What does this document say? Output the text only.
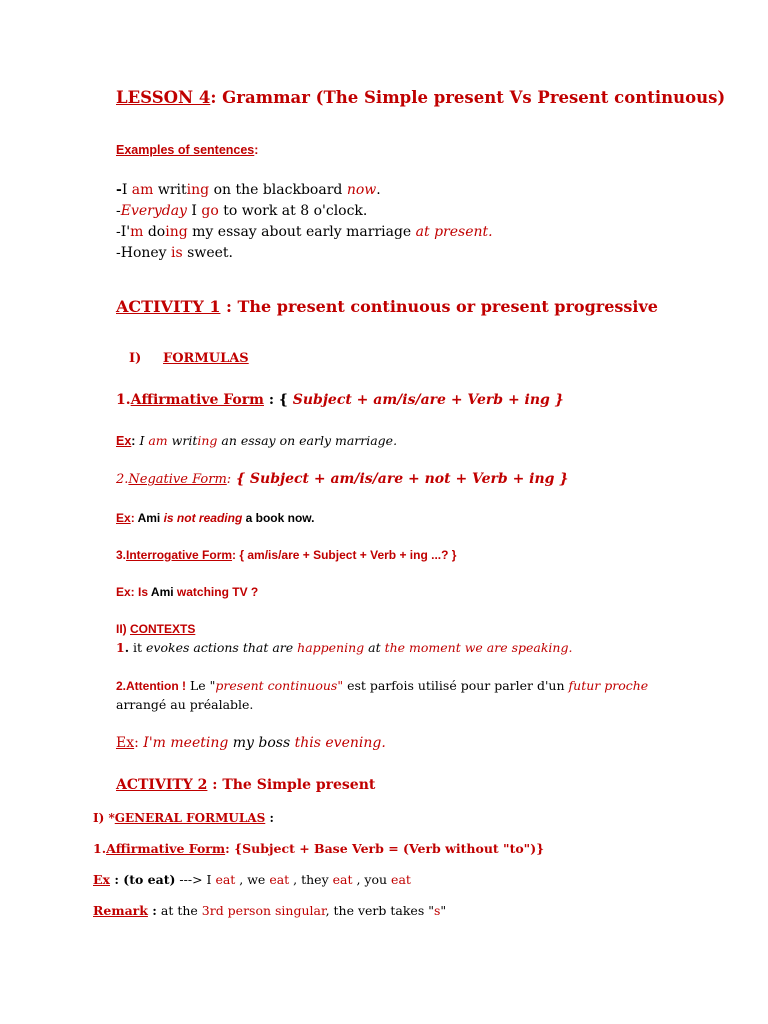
LESSON 4: Grammar (The Simple present Vs Present continuous)
Examples of sentences:
-I am writing on the blackboard now.
-Everyday I go to work at 8 o'clock.
-I'm doing my essay about early marriage at present.
-Honey is sweet.
ACTIVITY 1 : The present continuous or present progressive
I) FORMULAS
1.Affirmative Form : { Subject + am/is/are + Verb + ing }
Ex: I am writing an essay on early marriage.
2.Negative Form: { Subject + am/is/are + not + Verb + ing }
Ex: Ami is not reading a book now.
3.Interrogative Form: { am/is/are + Subject + Verb + ing ...? }
Ex: Is Ami watching TV ?
II) CONTEXTS
1. it evokes actions that are happening at the moment we are speaking.
2.Attention ! Le "present continuous" est parfois utilisé pour parler d'un futur proche
arrangé au préalable.
Ex: I'm meeting my boss this evening.
ACTIVITY 2 : The Simple present
I) *GENERAL FORMULAS :
1.Affirmative Form: {Subject + Base Verb = (Verb without "to")}
Ex : (to eat) ---> I eat , we eat , they eat , you eat
Remark : at the 3rd person singular, the verb takes "s"
